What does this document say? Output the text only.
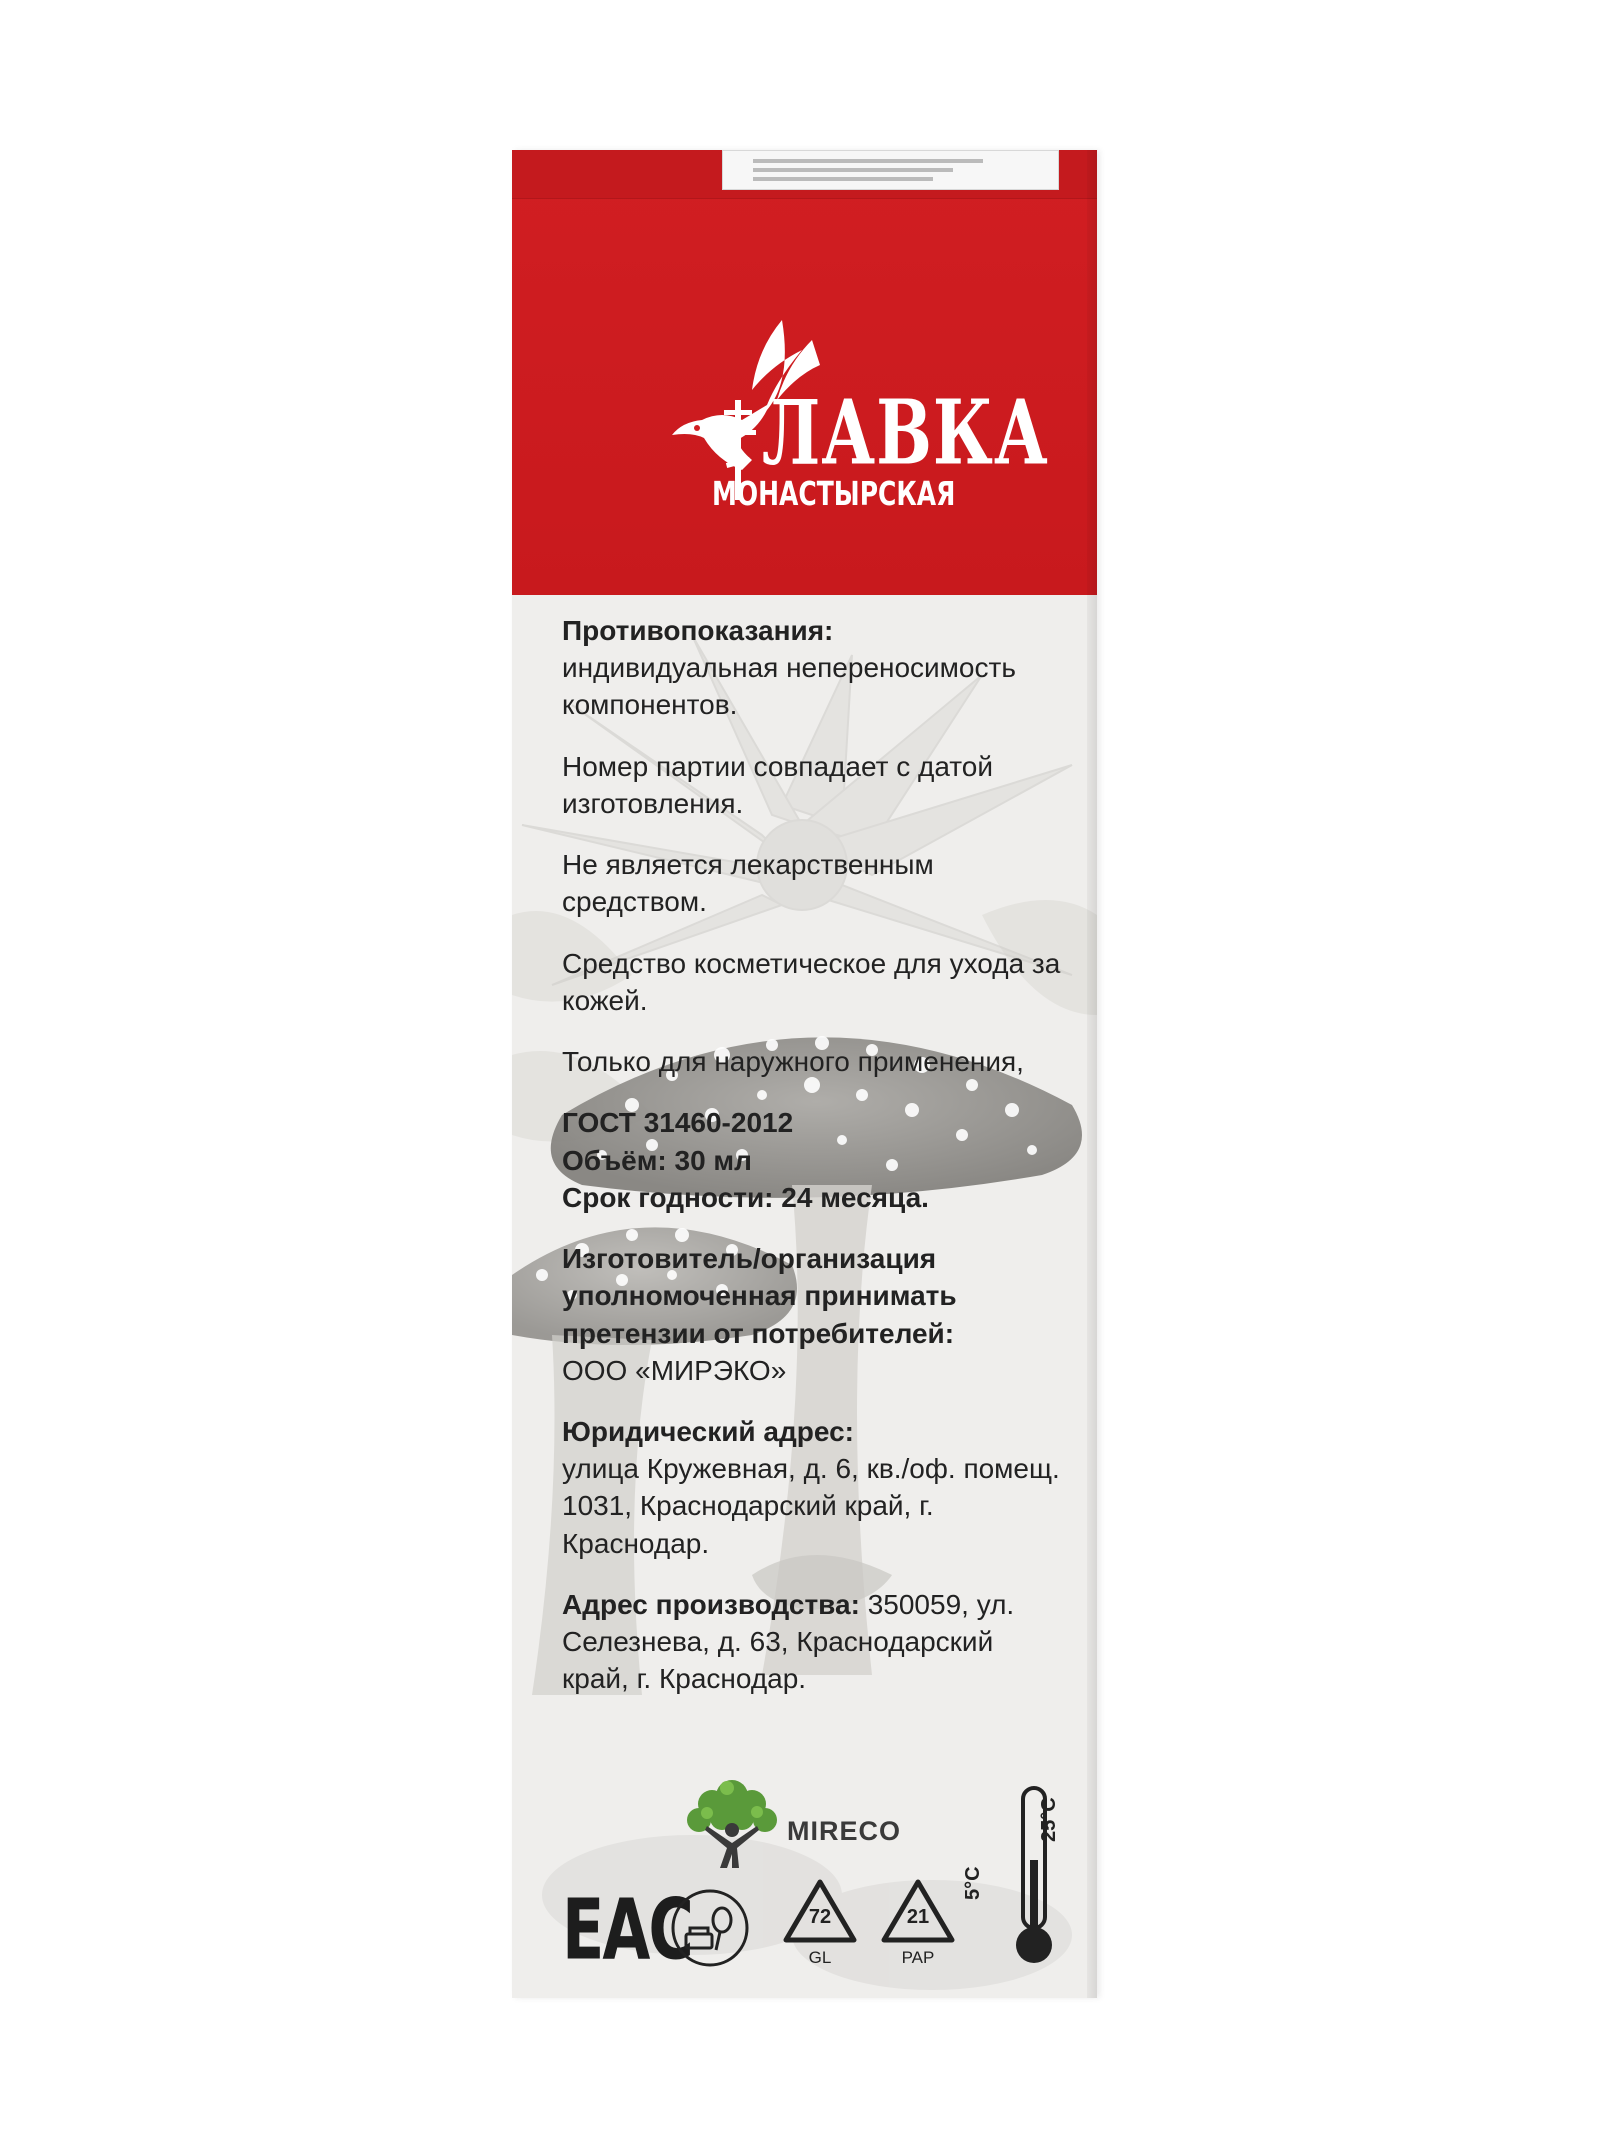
ЛАВКА
МОНАСТЫРСКАЯ

Противопоказания:
индивидуальная непереносимость компонентов.

Номер партии совпадает с датой изготовления.

Не является лекарственным средством.

Средство косметическое для ухода за кожей.

Только для наружного применения,

ГОСТ 31460-2012
Объём: 30 мл
Срок годности: 24 месяца.

Изготовитель/организация уполномоченная принимать претензии от потребителей:
ООО «МИРЭКО»

Юридический адрес:
улица Кружевная, д. 6, кв./оф. помещ. 1031, Краснодарский край, г. Краснодар.

Адрес производства: 350059, ул. Селезнева, д. 63, Краснодарский край, г. Краснодар.

MIRECO
ЕАС	72
GL
21
PAP
5°C
25°C
